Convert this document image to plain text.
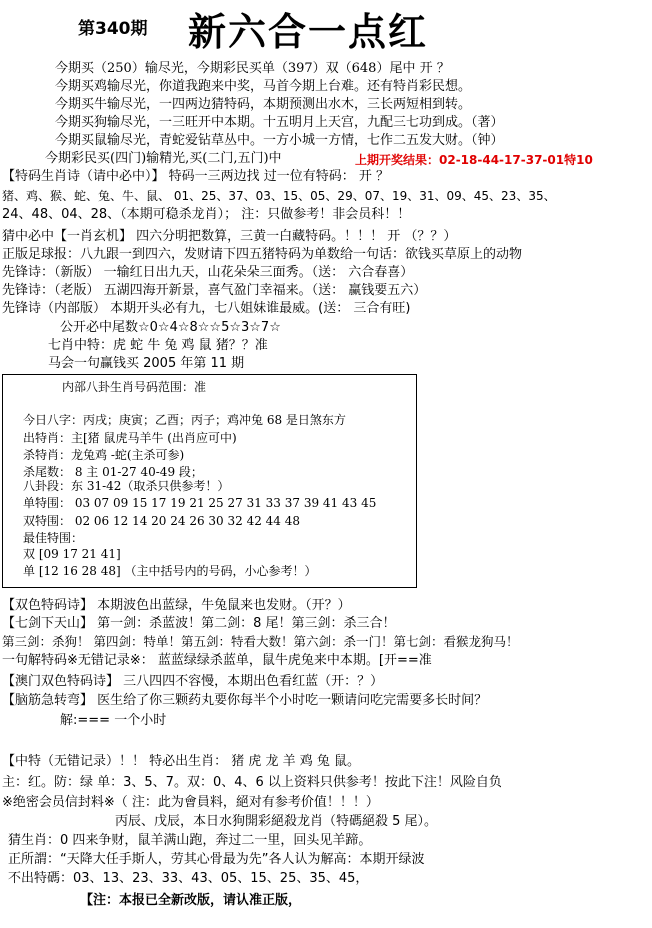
第340期 新六合一点红
今期买（250）输尽光，今期彩民买单（397）双（648）尾中 开 ？
今期买鸡输尽光，你道我跑来中奖，马首今期上台难。还有特肖彩民想。
今期买牛输尽光，一四两边猜特码，本期预测出水木，三长两短相到转。
今期买狗输尽光，一三旺开中本期。十五明月上天宫，九配三七功到成。（著）
今期买鼠输尽光，青蛇爱钻草丛中。一方小城一方情，七作二五发大财。（钟）
今期彩民买(四门)输精光,买(二门,五门)中	上期开奖结果：02-18-44-17-37-01特10
【特码生肖诗（请中必中）】 特码一三两边找 过一位有特码： 开 ？
猪、鸡、猴、蛇、兔、牛、鼠、 01、25、37、03、15、05、29、07、19、31、09、45、23、35、
24、48、04、28、（本期可稳杀龙肖）； 注：只做参考！非会员科！！
猜中必中【一肖玄机】 四六分明把数算，三黄一白藏特码。！！！ 开 （？？）
正版足球报：八九跟一到四六，发财请下四五猪特码为单数给一句话：欲钱买草原上的动物
先锋诗：（新版） 一输红日出九天，山花朵朵三面秀。（送： 六合春喜）
先锋诗：（老版） 五湖四海开新景，喜气盈门幸福来。（送： 赢钱要五六）
先锋诗（内部版） 本期开头必有九，七八姐妹谁最威。(送： 三合有旺)
公开必中尾数☆0☆4☆8☆☆5☆3☆7☆
七肖中特：虎 蛇 牛 兔 鸡 鼠 猪？？准
马会一句赢钱买 2005 年第 11 期
内部八卦生肖号码范围：准
今日八字：丙戌；庚寅；乙酉；丙子；鸡冲兔 68 是日煞东方
出特肖：主[猪 鼠虎马羊牛 (出肖应可中)
杀特肖：龙兔鸡 -蛇(主杀可参)
杀尾数： 8 主 01-27 40-49 段；
八卦段：东 31-42（取杀只供参考！）
单特围： 03 07 09 15 17 19 21 25 27 31 33 37 39 41 43 45
双特围： 02 06 12 14 20 24 26 30 32 42 44 48
最佳特围：
双 [09 17 21 41]
单 [12 16 28 48] （主中括号内的号码，小心参考！）
【双色特码诗】 本期波色出蓝绿，牛兔鼠来也发财。（开？）
【七剑下天山】 第一剑：杀蓝波！第二剑：8 尾！第三剑：杀三合！
第三剑：杀狗！ 第四剑：特单！第五剑：特看大数！第六剑：杀一门！第七剑：看猴龙狗马！
一句解特码※无错记录※： 蓝蓝绿绿杀蓝单，鼠牛虎兔来中本期。[开==准
【澳门双色特码诗】 三八四四不容慢，本期出色看红蓝（开：？）
【脑筋急转弯】 医生给了你三颗药丸要你每半个小时吃一颗请问吃完需要多长时间？
解:=== 一个小时
【中特（无错记录）！！ 特必出生肖： 猪 虎 龙 羊 鸡 兔 鼠。
主：红。防：绿 单：3、5、7。双：0、4、6 以上资料只供参考！按此下注！风险自负
※绝密会员信封料※（ 注：此为會員料，絕对有参考价值！！！）
丙辰、戊辰，本日水狗開彩絕殺龙肖（特碼絕殺 5 尾）。
猜生肖：0 四来争财，鼠羊满山跑，奔过二一里，回头见羊蹄。
正所謂：“天降大任手斯人，劳其心骨最为先”各人认为解高：本期开绿波
不出特碼：03、13、23、33、43、05、15、25、35、45，
【注：本报已全新改版，请认准正版，
